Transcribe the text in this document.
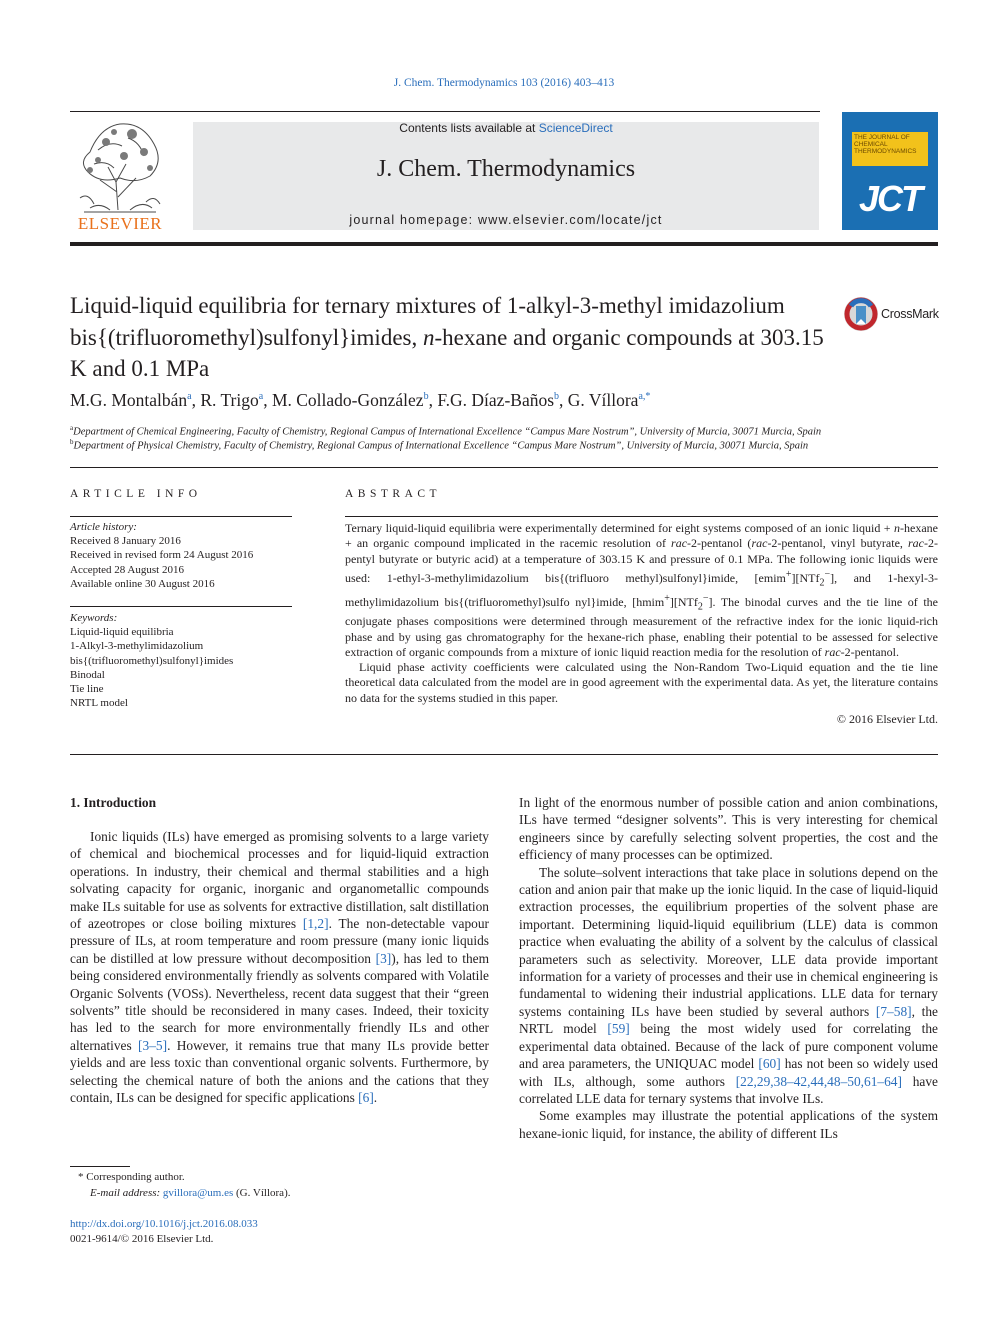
J. Chem. Thermodynamics 103 (2016) 403–413
ELSEVIER
Contents lists available at ScienceDirect
J. Chem. Thermodynamics
journal homepage: www.elsevier.com/locate/jct
THE JOURNAL OF CHEMICAL THERMODYNAMICS
JCT
Liquid-liquid equilibria for ternary mixtures of 1-alkyl-3-methyl imidazolium bis{(trifluoromethyl)sulfonyl}imides, n-hexane and organic compounds at 303.15 K and 0.1 MPa
CrossMark
M.G. Montalbán$^a$, R. Trigo$^a$, M. Collado-González$^b$, F.G. Díaz-Baños$^b$, G. Víllora$^{a,*}$
$^a$Department of Chemical Engineering, Faculty of Chemistry, Regional Campus of International Excellence “Campus Mare Nostrum”, University of Murcia, 30071 Murcia, Spain
$^b$Department of Physical Chemistry, Faculty of Chemistry, Regional Campus of International Excellence “Campus Mare Nostrum”, University of Murcia, 30071 Murcia, Spain
ARTICLE INFO
Article history:
Received 8 January 2016
Received in revised form 24 August 2016
Accepted 28 August 2016
Available online 30 August 2016
Keywords:
Liquid-liquid equilibria
1-Alkyl-3-methylimidazolium
bis{(trifluoromethyl)sulfonyl}imides
Binodal
Tie line
NRTL model
ABSTRACT

Ternary liquid-liquid equilibria were experimentally determined for eight systems composed of an ionic liquid + n-hexane + an organic compound implicated in the racemic resolution of rac-2-pentanol (rac-2-pentanol, vinyl butyrate, rac-2-pentyl butyrate or butyric acid) at a temperature of 303.15 K and pressure of 0.1 MPa. The following ionic liquids were used: 1-ethyl-3-methylimidazolium bis{(trifluoro methyl)sulfonyl}imide, [emim+][NTf$_2$−], and 1-hexyl-3-methylimidazolium bis{(trifluoromethyl)sulfo nyl}imide, [hmim+][NTf$_2$−]. The binodal curves and the tie line of the conjugate phases compositions were determined through measurement of the refractive index for the ionic liquid-rich phase and by using gas chromatography for the hexane-rich phase, enabling their potential to be assessed for selective extraction of organic compounds from a mixture of ionic liquid reaction media for the resolution of rac-2-pentanol.

Liquid phase activity coefficients were calculated using the Non-Random Two-Liquid equation and the tie line theoretical data calculated from the model are in good agreement with the experimental data. As yet, the literature contains no data for the systems studied in this paper.

© 2016 Elsevier Ltd.
1. Introduction

Ionic liquids (ILs) have emerged as promising solvents to a large variety of chemical and biochemical processes and for liquid-liquid extraction operations. In industry, their chemical and thermal stabilities and a high solvating capacity for organic, inorganic and organometallic compounds make ILs suitable for use as solvents for extractive distillation, salt distillation of azeotropes or close boiling mixtures [1,2]. The non-detectable vapour pressure of ILs, at room temperature and room pressure (many ionic liquids can be distilled at low pressure without decomposition [3]), has led to them being considered environmentally friendly as solvents compared with Volatile Organic Solvents (VOSs). Nevertheless, recent data suggest that their “green solvents” title should be reconsidered in many cases. Indeed, their toxicity has led to the search for more environmentally friendly ILs and other alternatives [3–5]. However, it remains true that many ILs provide better yields and are less toxic than conventional organic solvents. Furthermore, by selecting the chemical nature of both the anions and the cations that they contain, ILs can be designed for specific applications [6].

In light of the enormous number of possible cation and anion combinations, ILs have termed “designer solvents”. This is very interesting for chemical engineers since by carefully selecting solvent properties, the cost and the efficiency of many processes can be optimized.

The solute–solvent interactions that take place in solutions depend on the cation and anion pair that make up the ionic liquid. In the case of liquid-liquid extraction processes, the equilibrium properties of the solvent phase are important. Determining liquid-liquid equilibrium (LLE) data is common practice when evaluating the ability of a solvent by the calculus of classical parameters such as selectivity. Moreover, LLE data provide important information for a variety of processes and their use in chemical engineering is fundamental to widening their industrial applications. LLE data for ternary systems containing ILs have been studied by several authors [7–58], the NRTL model [59] being the most widely used for correlating the experimental data obtained. Because of the lack of pure component volume and area parameters, the UNIQUAC model [60] has not been so widely used with ILs, although, some authors [22,29,38–42,44,48–50,61–64] have correlated LLE data for ternary systems that involve ILs.

Some examples may illustrate the potential applications of the system hexane-ionic liquid, for instance, the ability of different ILs

* Corresponding author.
E-mail address: gvillora@um.es (G. Víllora).
http://dx.doi.org/10.1016/j.jct.2016.08.033
0021-9614/© 2016 Elsevier Ltd.
